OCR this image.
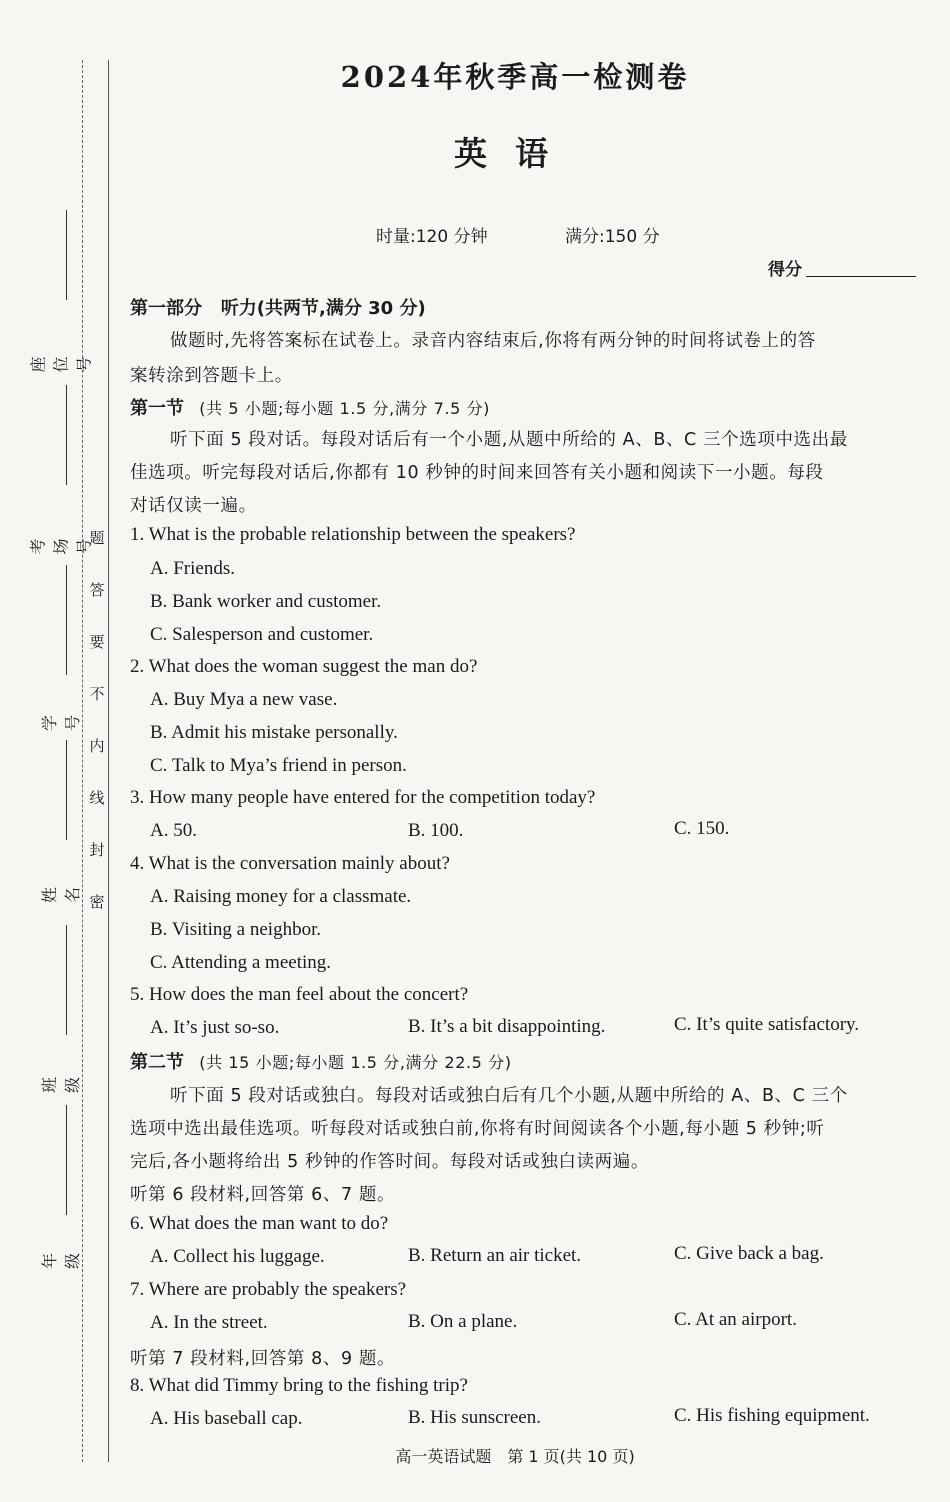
座位号
考场号
学号
姓名
班级
年级
题
答
要
不
内
线
封
密
2024年秋季高一检测卷
英语
时量:120 分钟	满分:150 分
得分
第一部分 听力(共两节,满分 30 分)
做题时,先将答案标在试卷上。录音内容结束后,你将有两分钟的时间将试卷上的答
案转涂到答题卡上。
第一节 (共 5 小题;每小题 1.5 分,满分 7.5 分)
听下面 5 段对话。每段对话后有一个小题,从题中所给的 A、B、C 三个选项中选出最
佳选项。听完每段对话后,你都有 10 秒钟的时间来回答有关小题和阅读下一小题。每段
对话仅读一遍。
1. What is the probable relationship between the speakers?
A. Friends.
B. Bank worker and customer.
C. Salesperson and customer.
2. What does the woman suggest the man do?
A. Buy Mya a new vase.
B. Admit his mistake personally.
C. Talk to Mya’s friend in person.
3. How many people have entered for the competition today?
A. 50.	B. 100.	C. 150.
4. What is the conversation mainly about?
A. Raising money for a classmate.
B. Visiting a neighbor.
C. Attending a meeting.
5. How does the man feel about the concert?
A. It’s just so-so.	B. It’s a bit disappointing.	C. It’s quite satisfactory.
第二节 (共 15 小题;每小题 1.5 分,满分 22.5 分)
听下面 5 段对话或独白。每段对话或独白后有几个小题,从题中所给的 A、B、C 三个
选项中选出最佳选项。听每段对话或独白前,你将有时间阅读各个小题,每小题 5 秒钟;听
完后,各小题将给出 5 秒钟的作答时间。每段对话或独白读两遍。
听第 6 段材料,回答第 6、7 题。
6. What does the man want to do?
A. Collect his luggage.	B. Return an air ticket.	C. Give back a bag.
7. Where are probably the speakers?
A. In the street.	B. On a plane.	C. At an airport.
听第 7 段材料,回答第 8、9 题。
8. What did Timmy bring to the fishing trip?
A. His baseball cap.	B. His sunscreen.	C. His fishing equipment.
高一英语试题　第 1 页(共 10 页)
